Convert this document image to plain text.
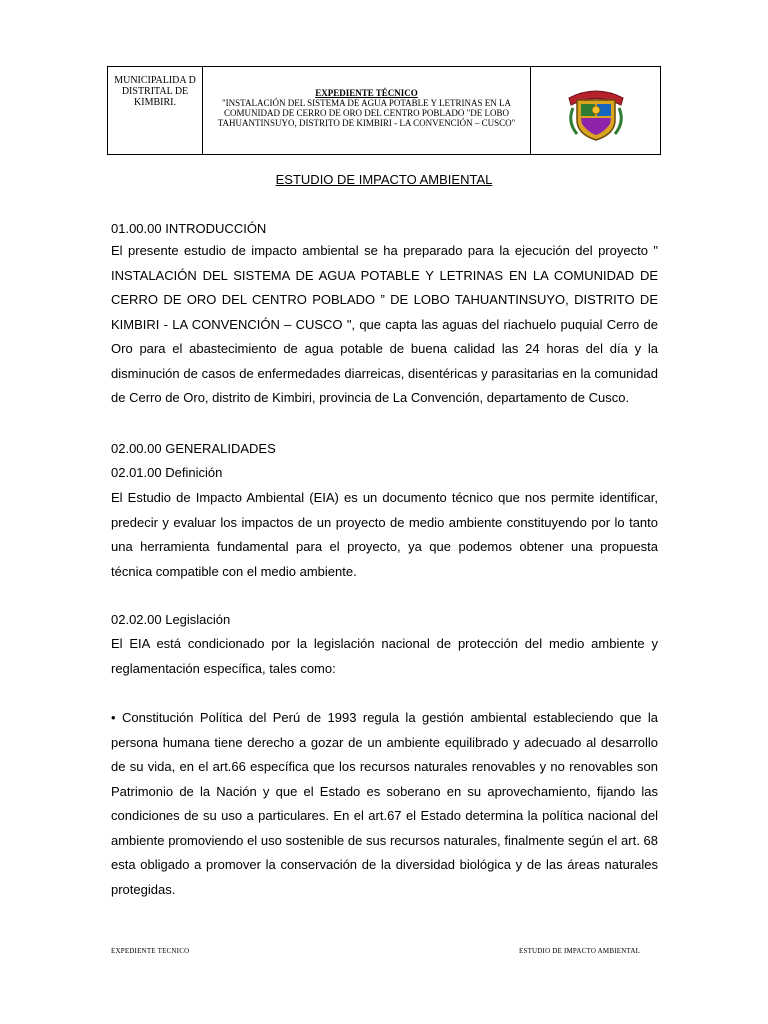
MUNICIPALIDA D DISTRITAL DE KIMBIRI.
EXPEDIENTE TÉCNICO
"INSTALACIÓN DEL SISTEMA DE AGUA POTABLE Y LETRINAS EN LA COMUNIDAD DE CERRO DE ORO DEL CENTRO POBLADO "DE LOBO TAHUANTINSUYO, DISTRITO DE KIMBIRI - LA CONVENCIÓN – CUSCO"
ESTUDIO DE IMPACTO AMBIENTAL
01.00.00 INTRODUCCIÓN
El presente estudio de impacto ambiental se ha preparado para la ejecución del proyecto " INSTALACIÓN DEL SISTEMA DE AGUA POTABLE Y LETRINAS EN LA COMUNIDAD DE CERRO DE ORO DEL CENTRO POBLADO ” DE LOBO TAHUANTINSUYO, DISTRITO DE KIMBIRI - LA CONVENCIÓN – CUSCO ", que capta las aguas del riachuelo puquial Cerro de Oro para el abastecimiento de agua potable de buena calidad las 24 horas del día y la disminución de casos de enfermedades diarreicas, disentéricas y parasitarias en la comunidad de Cerro de Oro, distrito de Kimbiri, provincia de La Convención, departamento de Cusco.
02.00.00 GENERALIDADES
02.01.00 Definición
El Estudio de Impacto Ambiental (EIA) es un documento técnico que nos permite identificar, predecir y evaluar los impactos de un proyecto de medio ambiente constituyendo por lo tanto una herramienta fundamental para el proyecto, ya que podemos obtener una propuesta técnica compatible con el medio ambiente.
02.02.00 Legislación
El EIA está condicionado por la legislación nacional de protección del medio ambiente y reglamentación específica, tales como:
• Constitución Política del Perú de 1993 regula la gestión ambiental estableciendo que la persona humana tiene derecho a gozar de un ambiente equilibrado y adecuado al desarrollo de su vida, en el art.66 específica que los recursos naturales renovables y no renovables son Patrimonio de la Nación y que el Estado es soberano en su aprovechamiento, fijando las condiciones de su uso a particulares. En el art.67 el Estado determina la política nacional del ambiente promoviendo el uso sostenible de sus recursos naturales, finalmente según el art. 68 esta obligado a promover la conservación de la diversidad biológica y de las áreas naturales protegidas.
EXPEDIENTE TECNICO	ESTUDIO DE IMPACTO AMBIENTAL
